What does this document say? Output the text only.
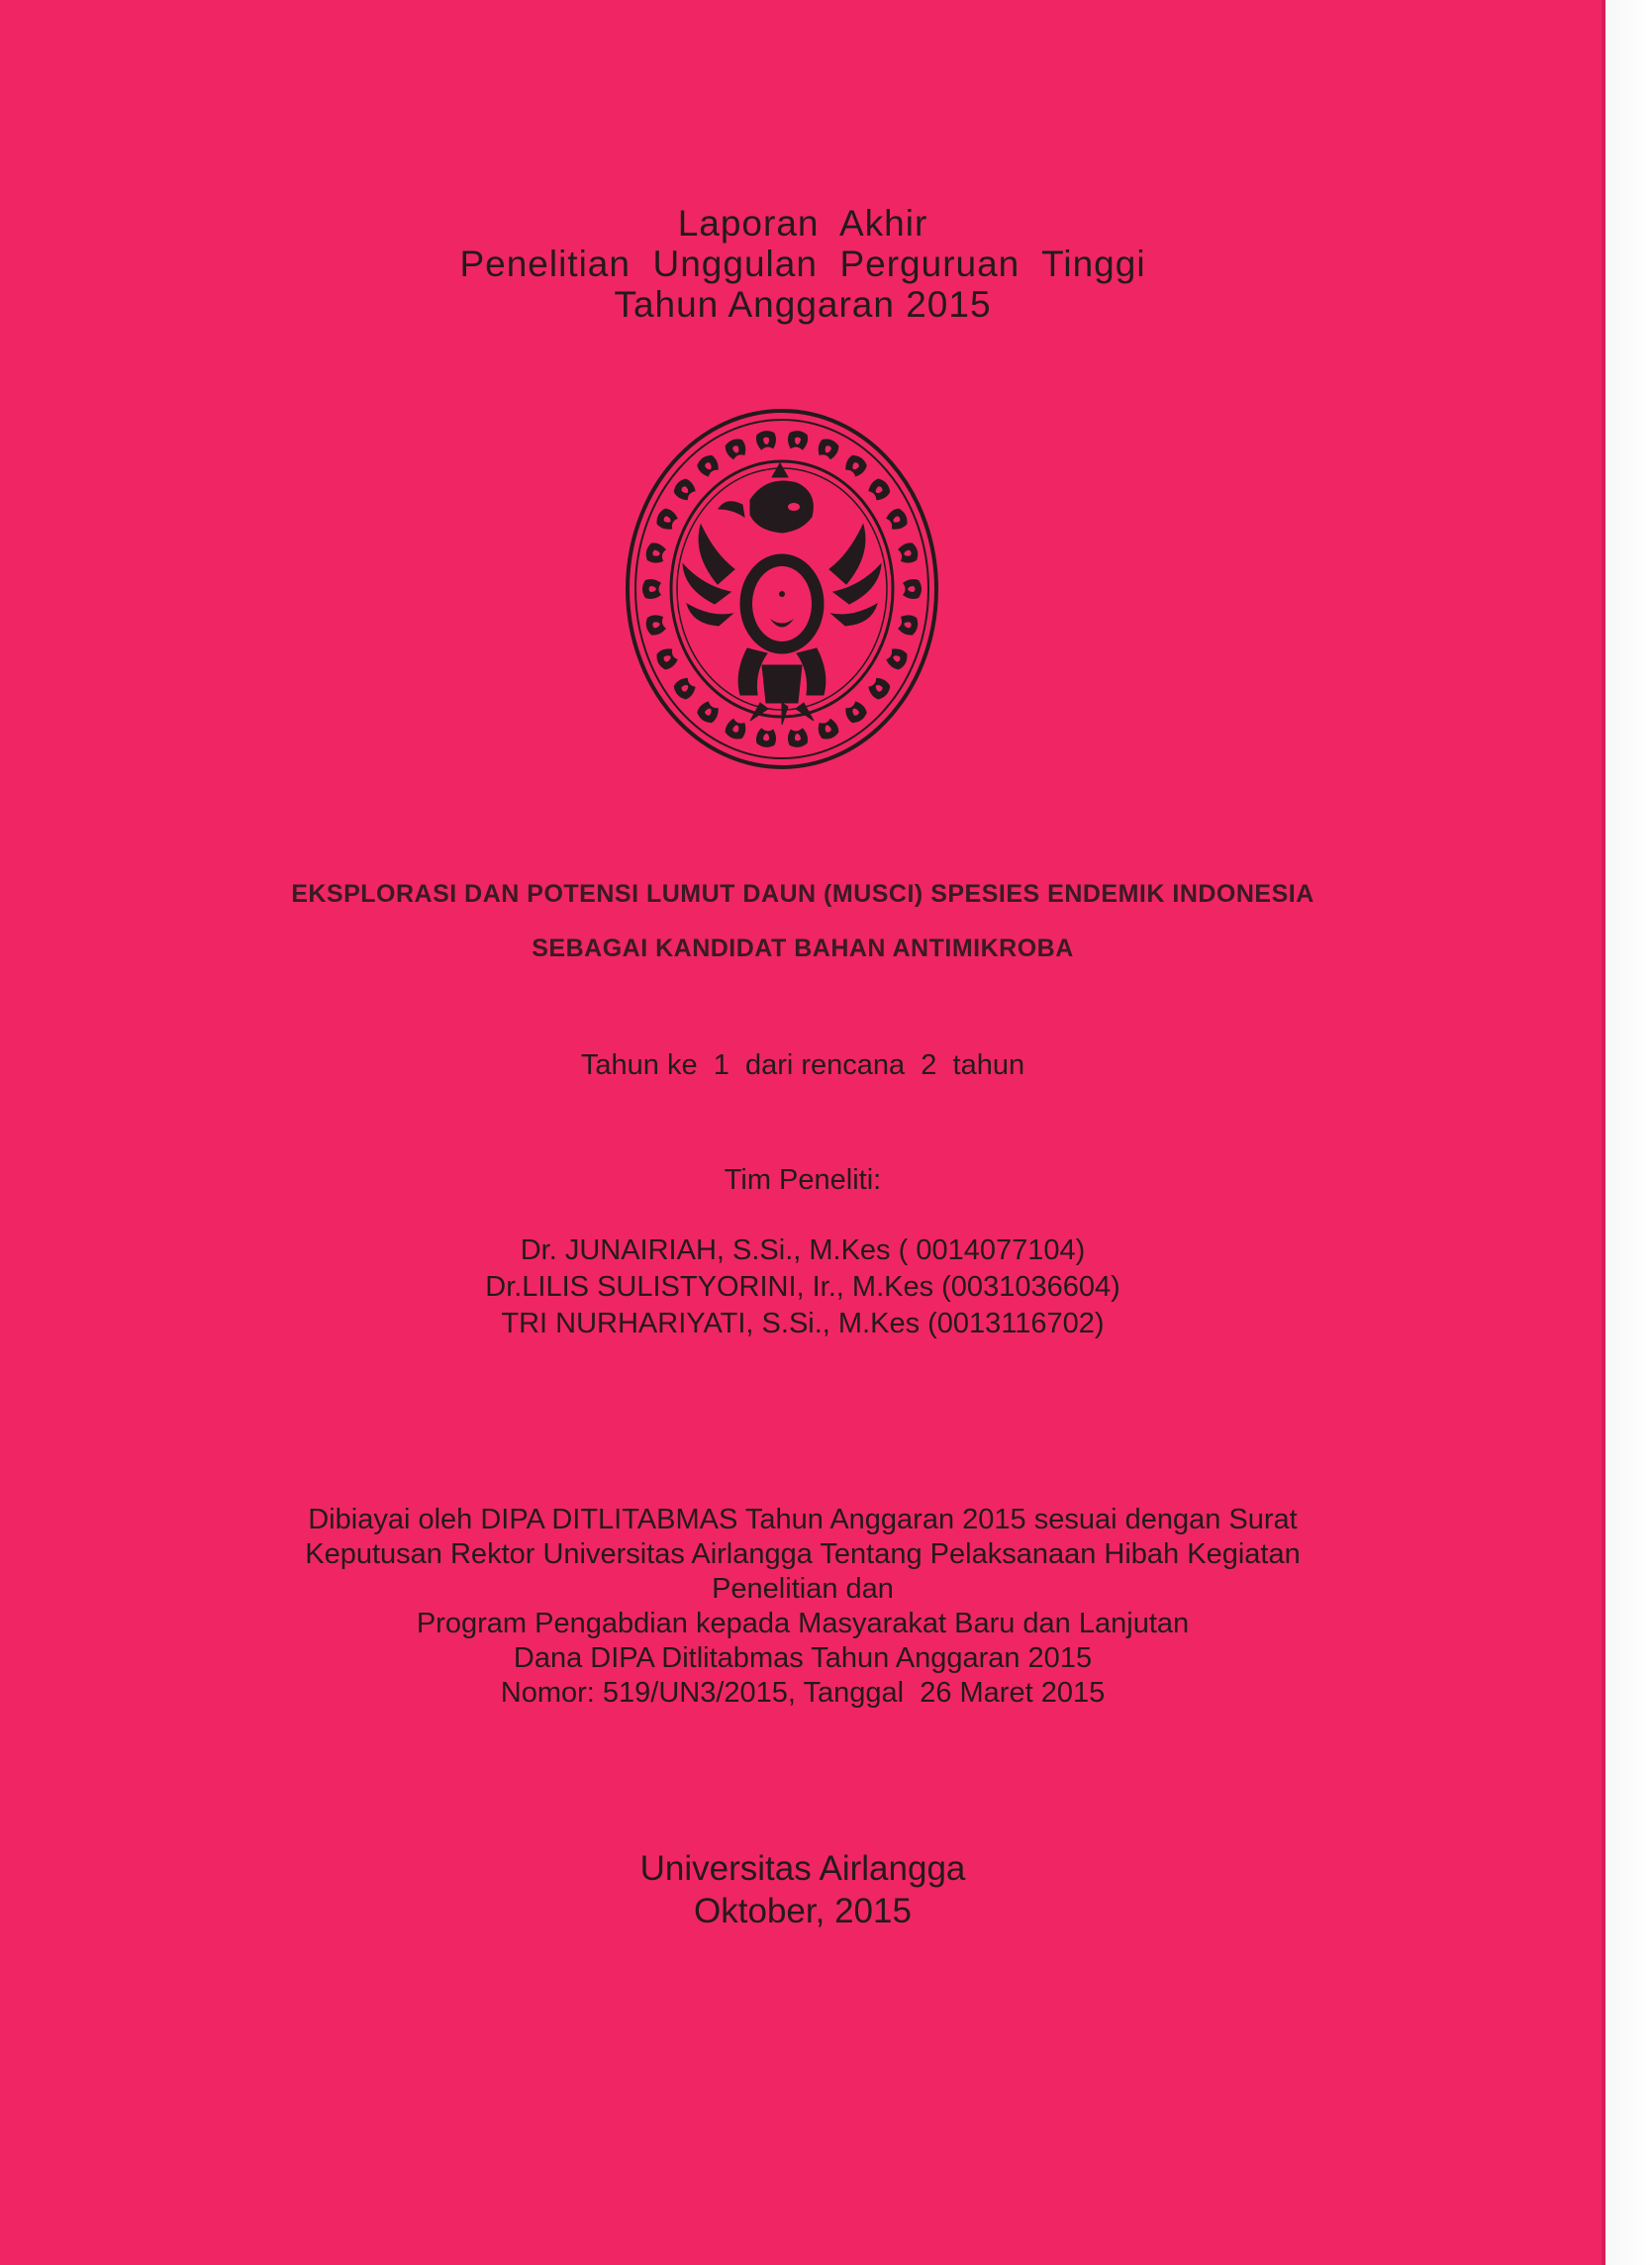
Laporan  Akhir
Penelitian  Unggulan  Perguruan  Tinggi
Tahun Anggaran 2015
EKSPLORASI DAN POTENSI LUMUT DAUN (MUSCI) SPESIES ENDEMIK INDONESIA
SEBAGAI KANDIDAT BAHAN ANTIMIKROBA
Tahun ke  1  dari rencana  2  tahun
Tim Peneliti:
Dr. JUNAIRIAH, S.Si., M.Kes ( 0014077104)
Dr.LILIS SULISTYORINI, Ir., M.Kes (0031036604)
TRI NURHARIYATI, S.Si., M.Kes (0013116702)
Dibiayai oleh DIPA DITLITABMAS Tahun Anggaran 2015 sesuai dengan Surat
Keputusan Rektor Universitas Airlangga Tentang Pelaksanaan Hibah Kegiatan
Penelitian dan
Program Pengabdian kepada Masyarakat Baru dan Lanjutan
Dana DIPA Ditlitabmas Tahun Anggaran 2015
Nomor: 519/UN3/2015, Tanggal  26 Maret 2015
Universitas Airlangga
Oktober, 2015
